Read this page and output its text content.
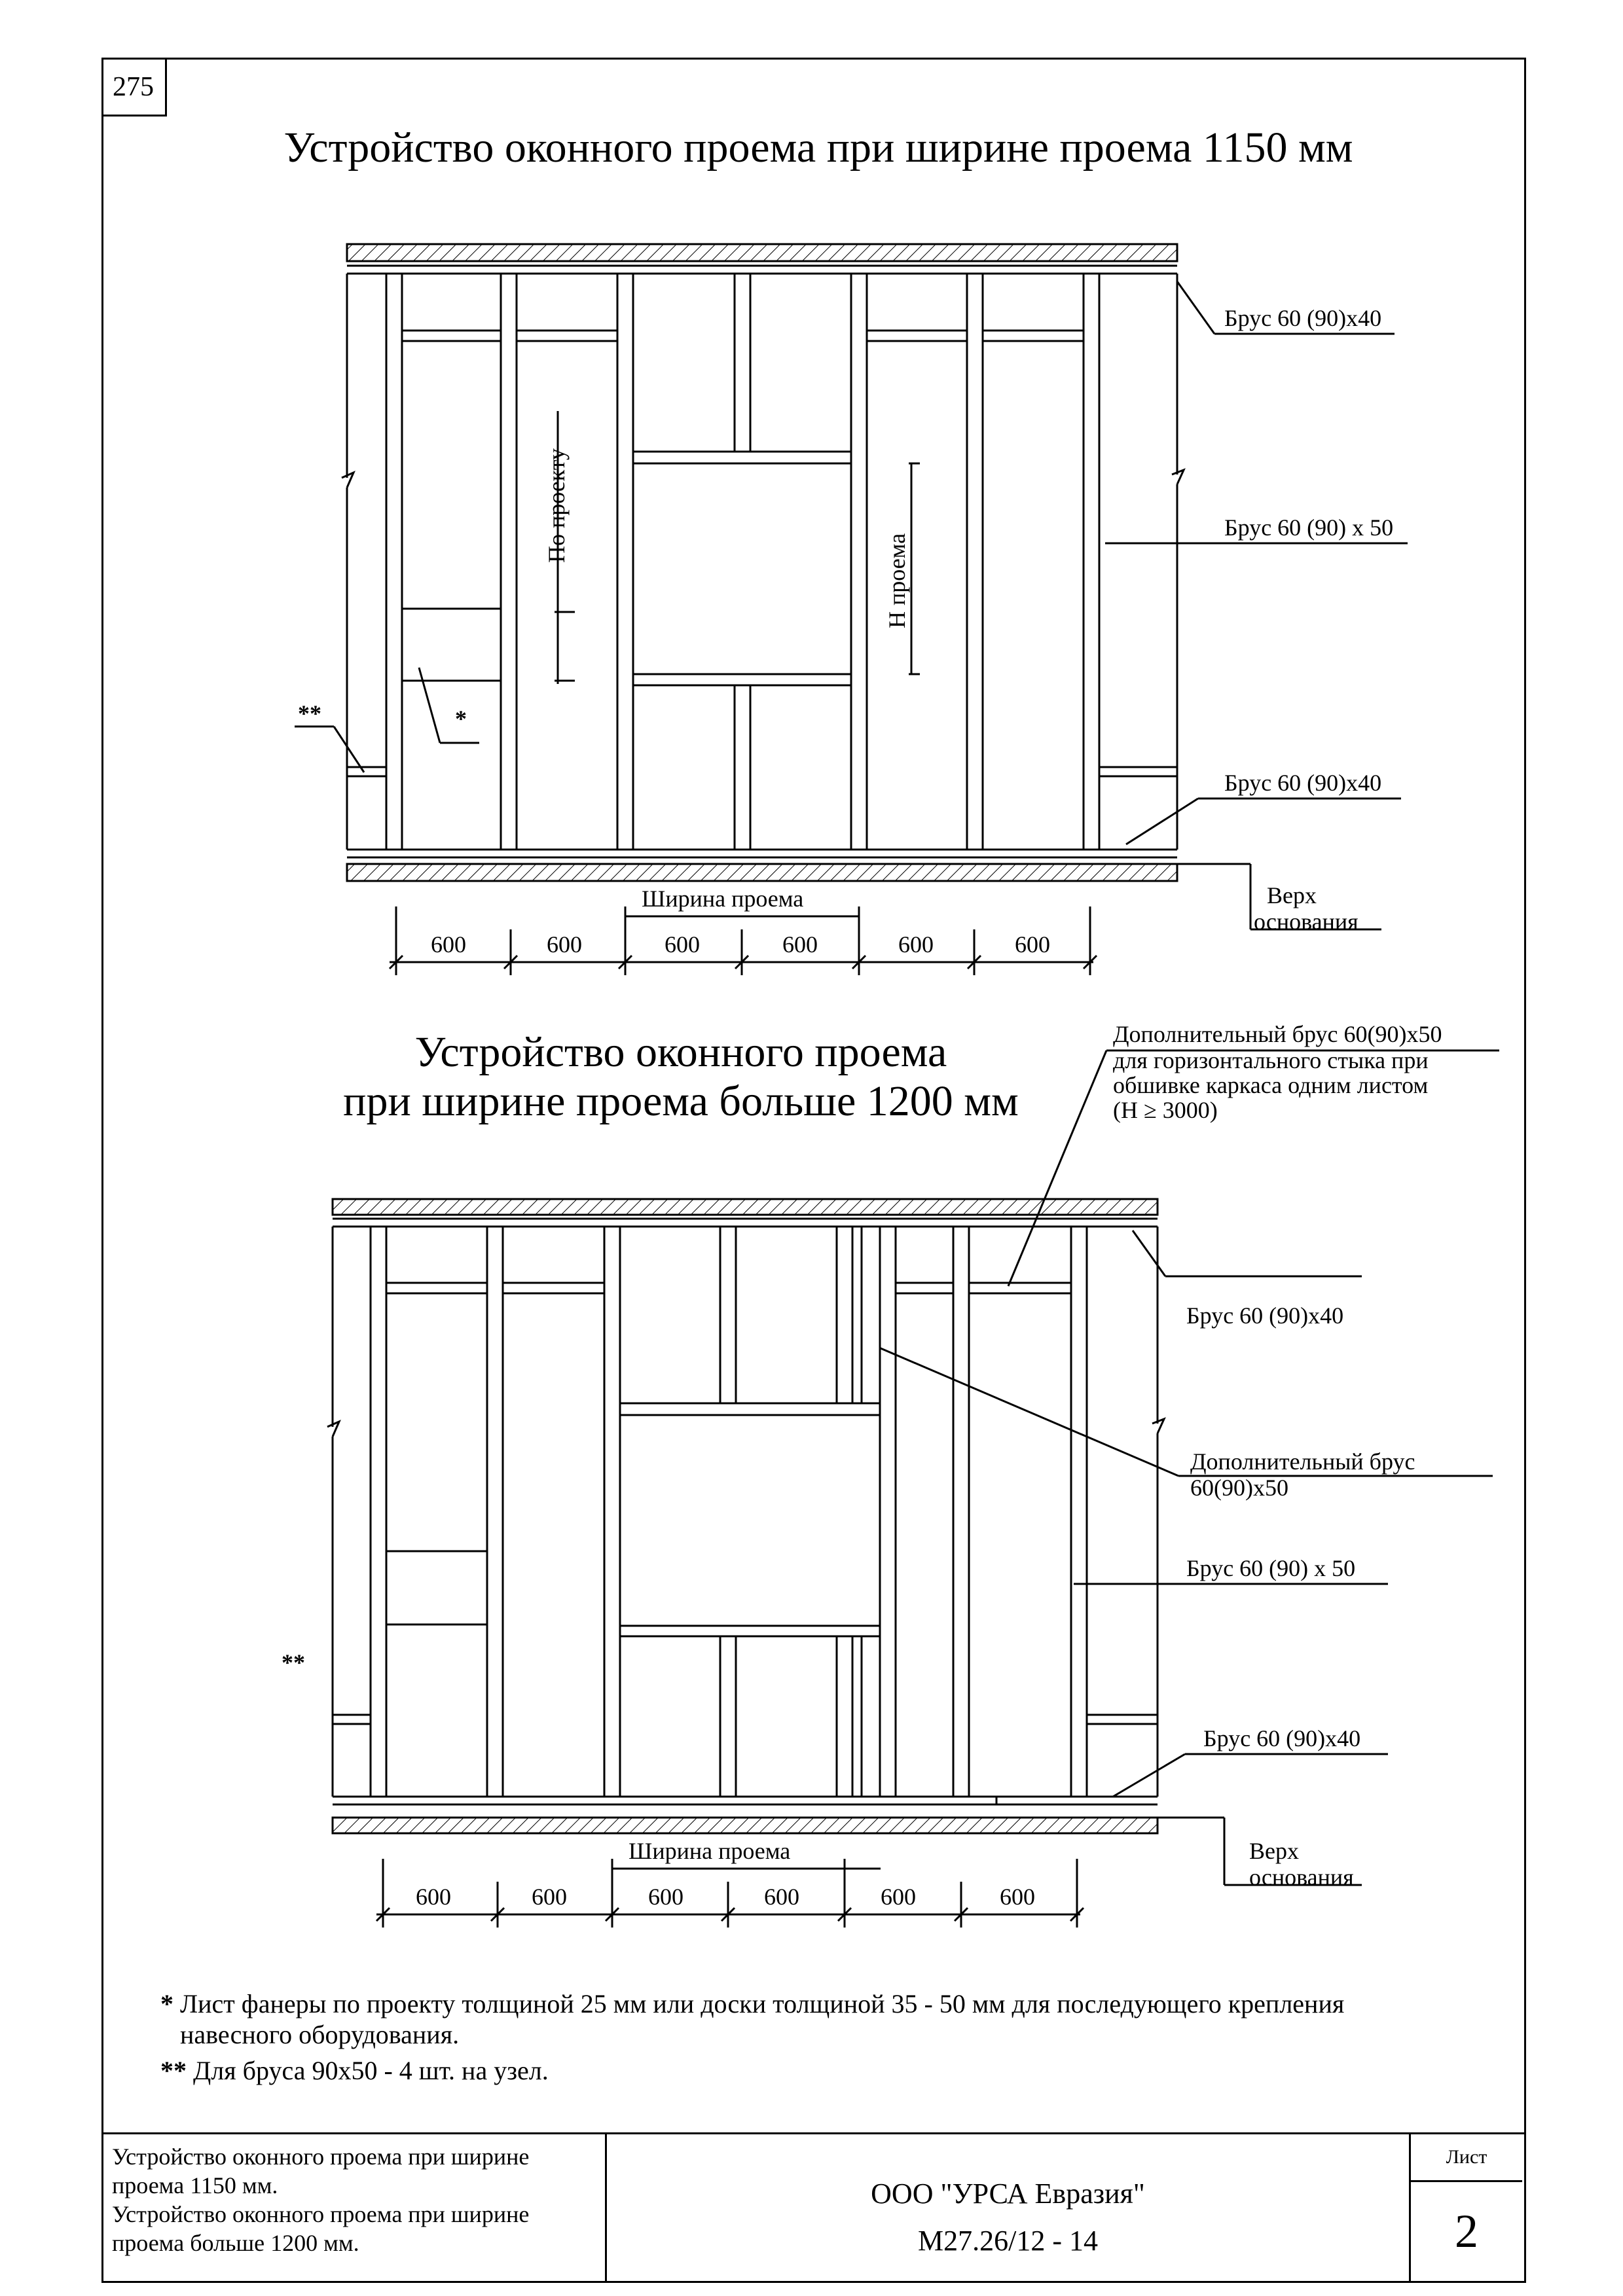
275
Устройство оконного проема при ширине проема 1150 мм
Устройство оконного проема
при ширине проема больше 1200 мм
Брус 60 (90)х40
Брус 60 (90) х 50
Брус 60 (90)х40
Верх
основания
По проекту
Н проема
**	*
Ширина проема
600	600	600	600	600	600
Дополнительный брус 60(90)х50
для горизонтального стыка при
обшивке каркаса одним листом
(Н ≥ 3000)
Брус 60 (90)х40
Дополнительный брус
60(90)х50
Брус 60 (90) х 50
Брус 60 (90)х40
Верх
основания
**
Ширина проема
600	600	600	600	600	600
* Лист фанеры по проекту толщиной 25 мм или доски толщиной 35 - 50 мм для последующего крепления
навесного оборудования.
** Для бруса 90х50 - 4 шт. на узел.
Устройство оконного проема при ширине
проема 1150 мм.
Устройство оконного проема при ширине
проема больше 1200 мм.
ООО "УРСА Евразия"
М27.26/12 - 14
Лист
2
